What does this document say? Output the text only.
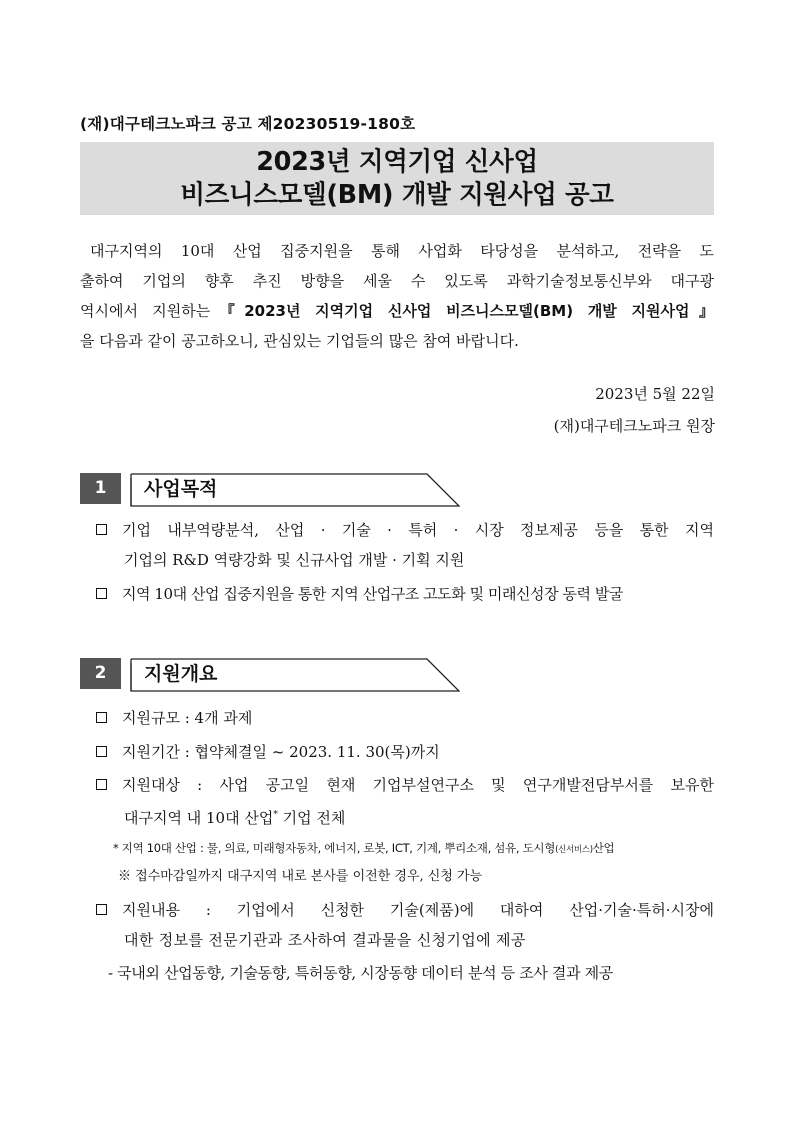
(재)대구테크노파크 공고 제20230519-180호
2023년 지역기업 신사업
비즈니스모델(BM) 개발 지원사업 공고
대구지역의 10대 산업 집중지원을 통해 사업화 타당성을 분석하고, 전략을 도
출하여 기업의 향후 추진 방향을 세울 수 있도록 과학기술정보통신부와 대구광
역시에서 지원하는『2023년 지역기업 신사업 비즈니스모델(BM) 개발 지원사업』
을 다음과 같이 공고하오니, 관심있는 기업들의 많은 참여 바랍니다.
2023년 5월 22일
(재)대구테크노파크 원장
1	사업목적
기업 내부역량분석, 산업 · 기술 · 특허 · 시장 정보제공 등을 통한 지역
기업의 R&D 역량강화 및 신규사업 개발 · 기획 지원
지역 10대 산업 집중지원을 통한 지역 산업구조 고도화 및 미래신성장 동력 발굴
2	지원개요
지원규모 : 4개 과제
지원기간 : 협약체결일 ~ 2023. 11. 30(목)까지
지원대상 : 사업 공고일 현재 기업부설연구소 및 연구개발전담부서를 보유한
대구지역 내 10대 산업* 기업 전체
* 지역 10대 산업 : 물, 의료, 미래형자동차, 에너지, 로봇, ICT, 기계, 뿌리소재, 섬유, 도시형(신서비스)산업
※ 접수마감일까지 대구지역 내로 본사를 이전한 경우, 신청 가능
지원내용 : 기업에서 신청한 기술(제품)에 대하여 산업·기술·특허·시장에
대한 정보를 전문기관과 조사하여 결과물을 신청기업에 제공
- 국내외 산업동향, 기술동향, 특허동향, 시장동향 데이터 분석 등 조사 결과 제공
